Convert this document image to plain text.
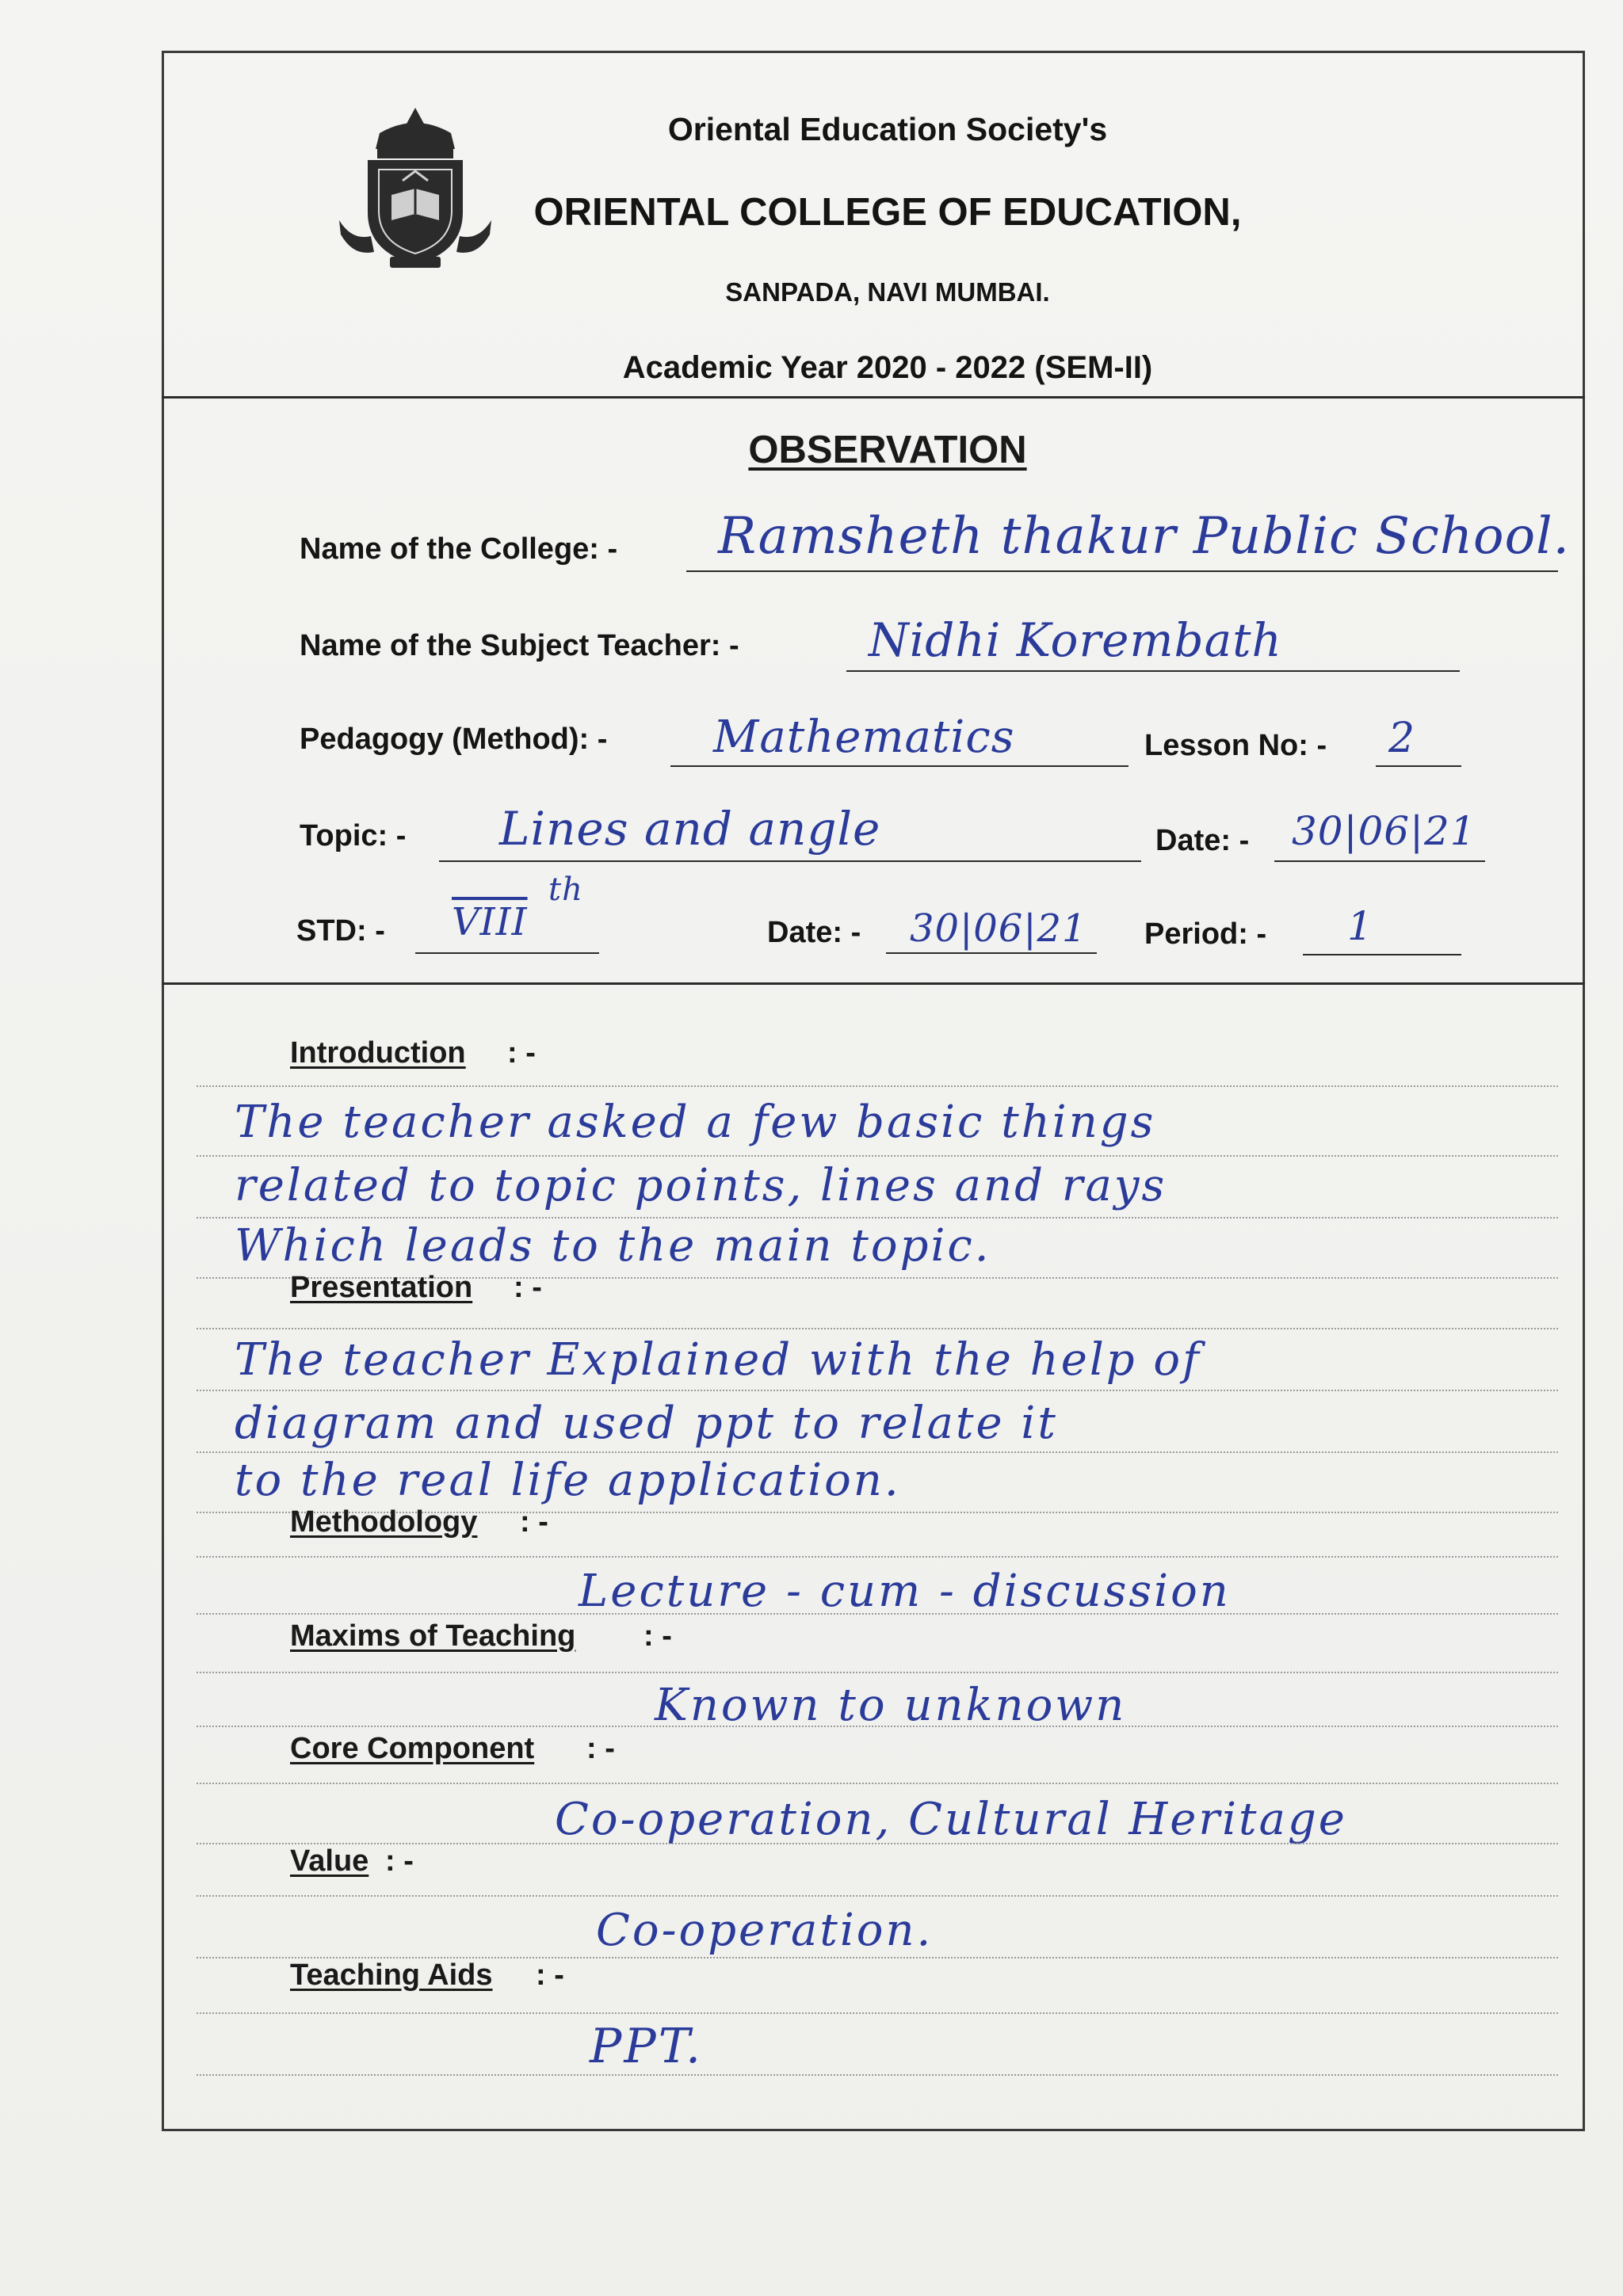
Oriental Education Society's
ORIENTAL COLLEGE OF EDUCATION,
SANPADA, NAVI MUMBAI.
Academic Year 2020 - 2022 (SEM-II)
OBSERVATION
Name of the College: - Ramsheth thakur Public School.
Name of the Subject Teacher: -	Nidhi Korembath
Pedagogy (Method): - Mathematics	Lesson No: - 2
Topic: - Lines and angle	Date: - 30|06|21
STD: - VIII
th
Date: - 30|06|21 Period: - 1
Introduction : -
The teacher asked a few basic things
related to topic points, lines and rays
Which leads to the main topic.
Presentation : -
The teacher Explained with the help of
diagram and used ppt to relate it
to the real life application.
Methodology : -
Lecture - cum - discussion
Maxims of Teaching : -
Known to unknown
Core Component : -
Co-operation, Cultural Heritage
Value : -
Co-operation.
Teaching Aids : -
PPT.
